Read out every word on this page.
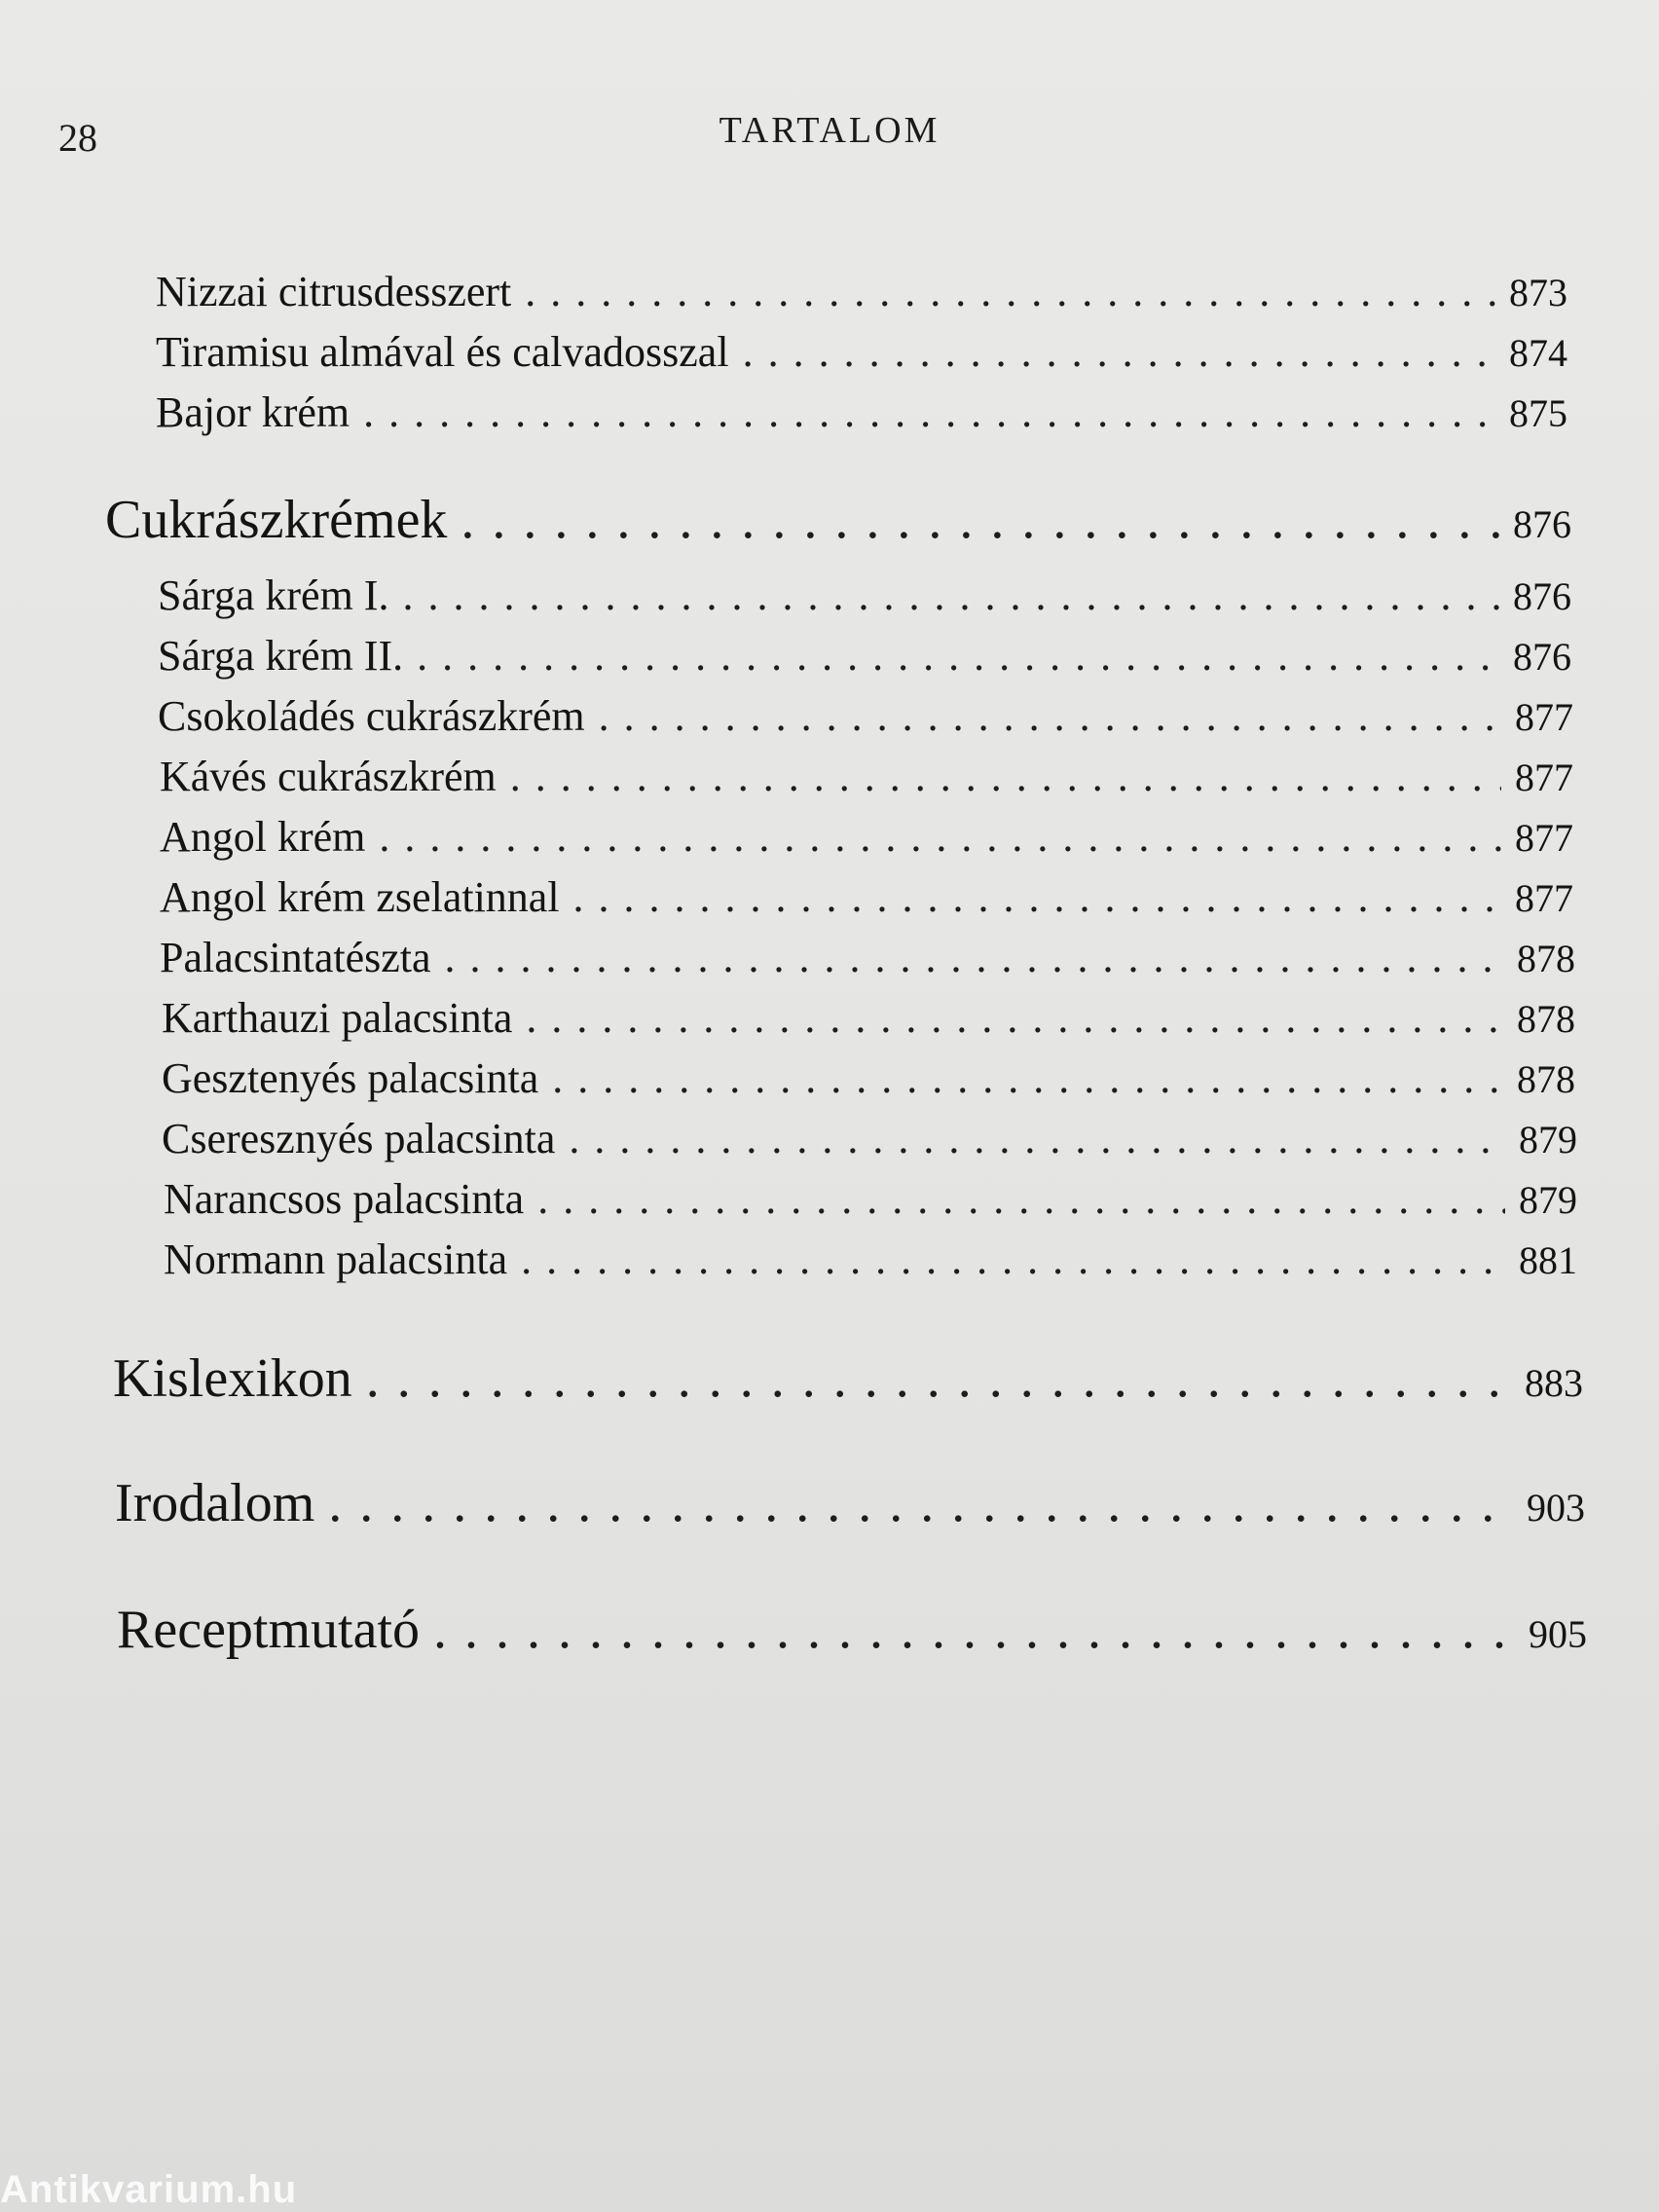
28	TARTALOM
Nizzai citrusdesszert . . .	873
Tiramisu almával és calvadosszal . . .	874
Bajor krém . . .	875
Cukrászkrémek . . .	876
Sárga krém I. . . .	876
Sárga krém II. . . .	876
Csokoládés cukrászkrém . . .	877
Kávés cukrászkrém . . .	877
Angol krém . . .	877
Angol krém zselatinnal . . .	877
Palacsintatészta . . .	878
Karthauzi palacsinta . . .	878
Gesztenyés palacsinta . . .	878
Cseresznyés palacsinta . . .	879
Narancsos palacsinta . . .	879
Normann palacsinta . . .	881
Kislexikon . . .	883
Irodalom . . .	903
Receptmutató . . .	905
Antikvarium.hu
